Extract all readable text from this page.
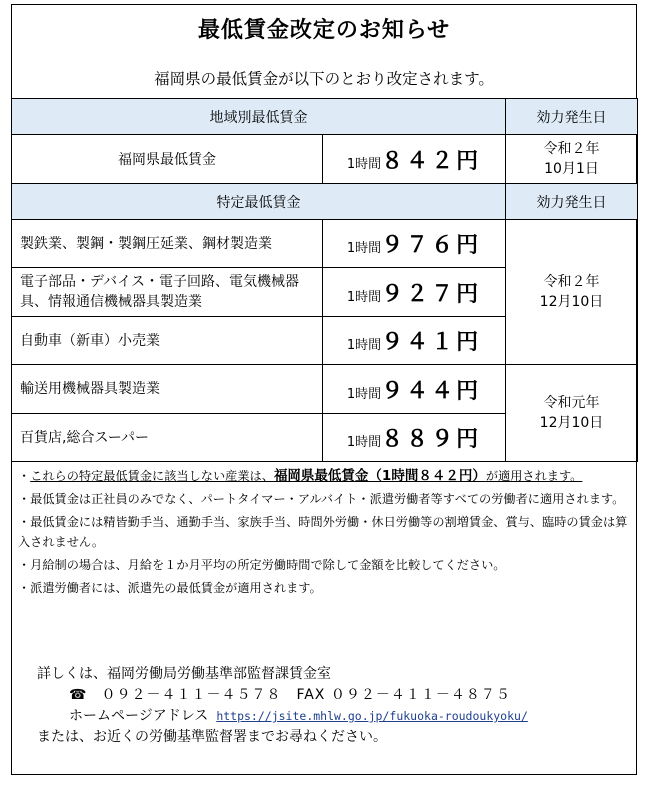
最低賃金改定のお知らせ
福岡県の最低賃金が以下のとおり改定されます。
地域別最低賃金		効力発生日
福岡県最低賃金	1時間８４２円	令和２年
10月1日

特定最低賃金		効力発生日
製鉄業、製鋼・製鋼圧延業、鋼材製造業	1時間９７６円	令和２年
12月10日

電子部品・デバイス・電子回路、電気機械器具、情報通信機械器具製造業	1時間９２７円	
自動車（新車）小売業	1時間９４１円	
輸送用機械器具製造業	1時間９４４円	令和元年
12月10日

百貨店,総合スーパー	1時間８８９円	

・これらの特定最低賃金に該当しない産業は、福岡県最低賃金（1時間８４２円）が適用されます。

・最低賃金は正社員のみでなく、パートタイマー・アルバイト・派遣労働者等すべての労働者に適用されます。

・最低賃金には精皆勤手当、通勤手当、家族手当、時間外労働・休日労働等の割増賃金、賞与、臨時の賃金は算入されません。

・月給制の場合は、月給を１か月平均の所定労働時間で除して金額を比較してください。

・派遣労働者には、派遣先の最低賃金が適用されます。

詳しくは、福岡労働局労働基準部監督課賃金室
☎ ０９２－４１１－４５７８　FAX ０９２－４１１－４８７５
ホームページアドレス https://jsite.mhlw.go.jp/fukuoka-roudoukyoku/
または、お近くの労働基準監督署までお尋ねください。
